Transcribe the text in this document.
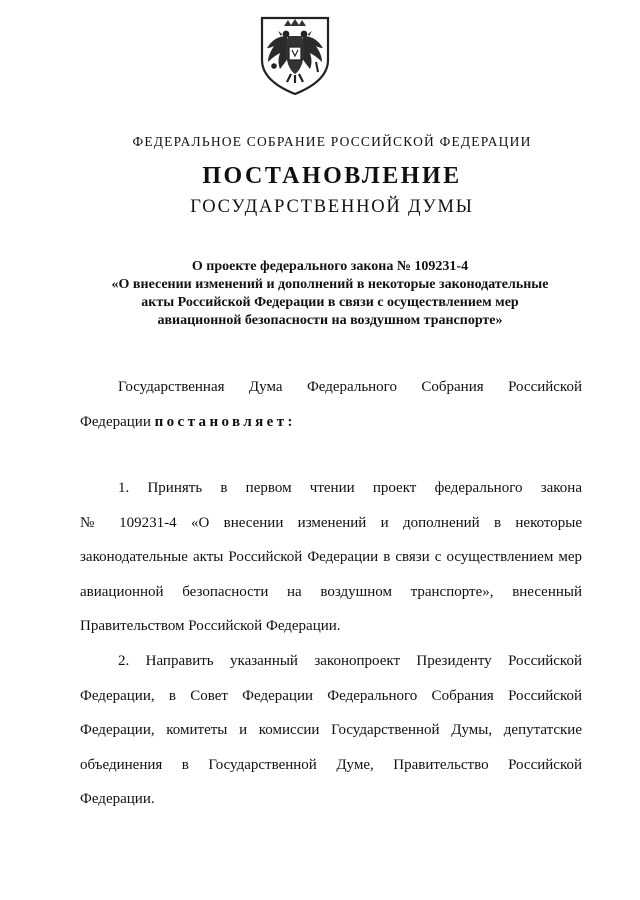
ФЕДЕРАЛЬНОЕ СОБРАНИЕ РОССИЙСКОЙ ФЕДЕРАЦИИ
ПОСТАНОВЛЕНИЕ
ГОСУДАРСТВЕННОЙ ДУМЫ
О проекте федерального закона № 109231-4
«О внесении изменений и дополнений в некоторые законодательные
акты Российской Федерации в связи с осуществлением мер
авиационной безопасности на воздушном транспорте»
Государственная Дума Федерального Собрания Российской
Федерации постановляет:
1. Принять в первом чтении проект федерального закона
№ 109231-4 «О внесении изменений и дополнений в некоторые
законодательные акты Российской Федерации в связи с осуществлением мер
авиационной безопасности на воздушном транспорте», внесенный
Правительством Российской Федерации.
2. Направить указанный законопроект Президенту Российской
Федерации, в Совет Федерации Федерального Собрания Российской
Федерации, комитеты и комиссии Государственной Думы, депутатские
объединения в Государственной Думе, Правительство Российской
Федерации.
